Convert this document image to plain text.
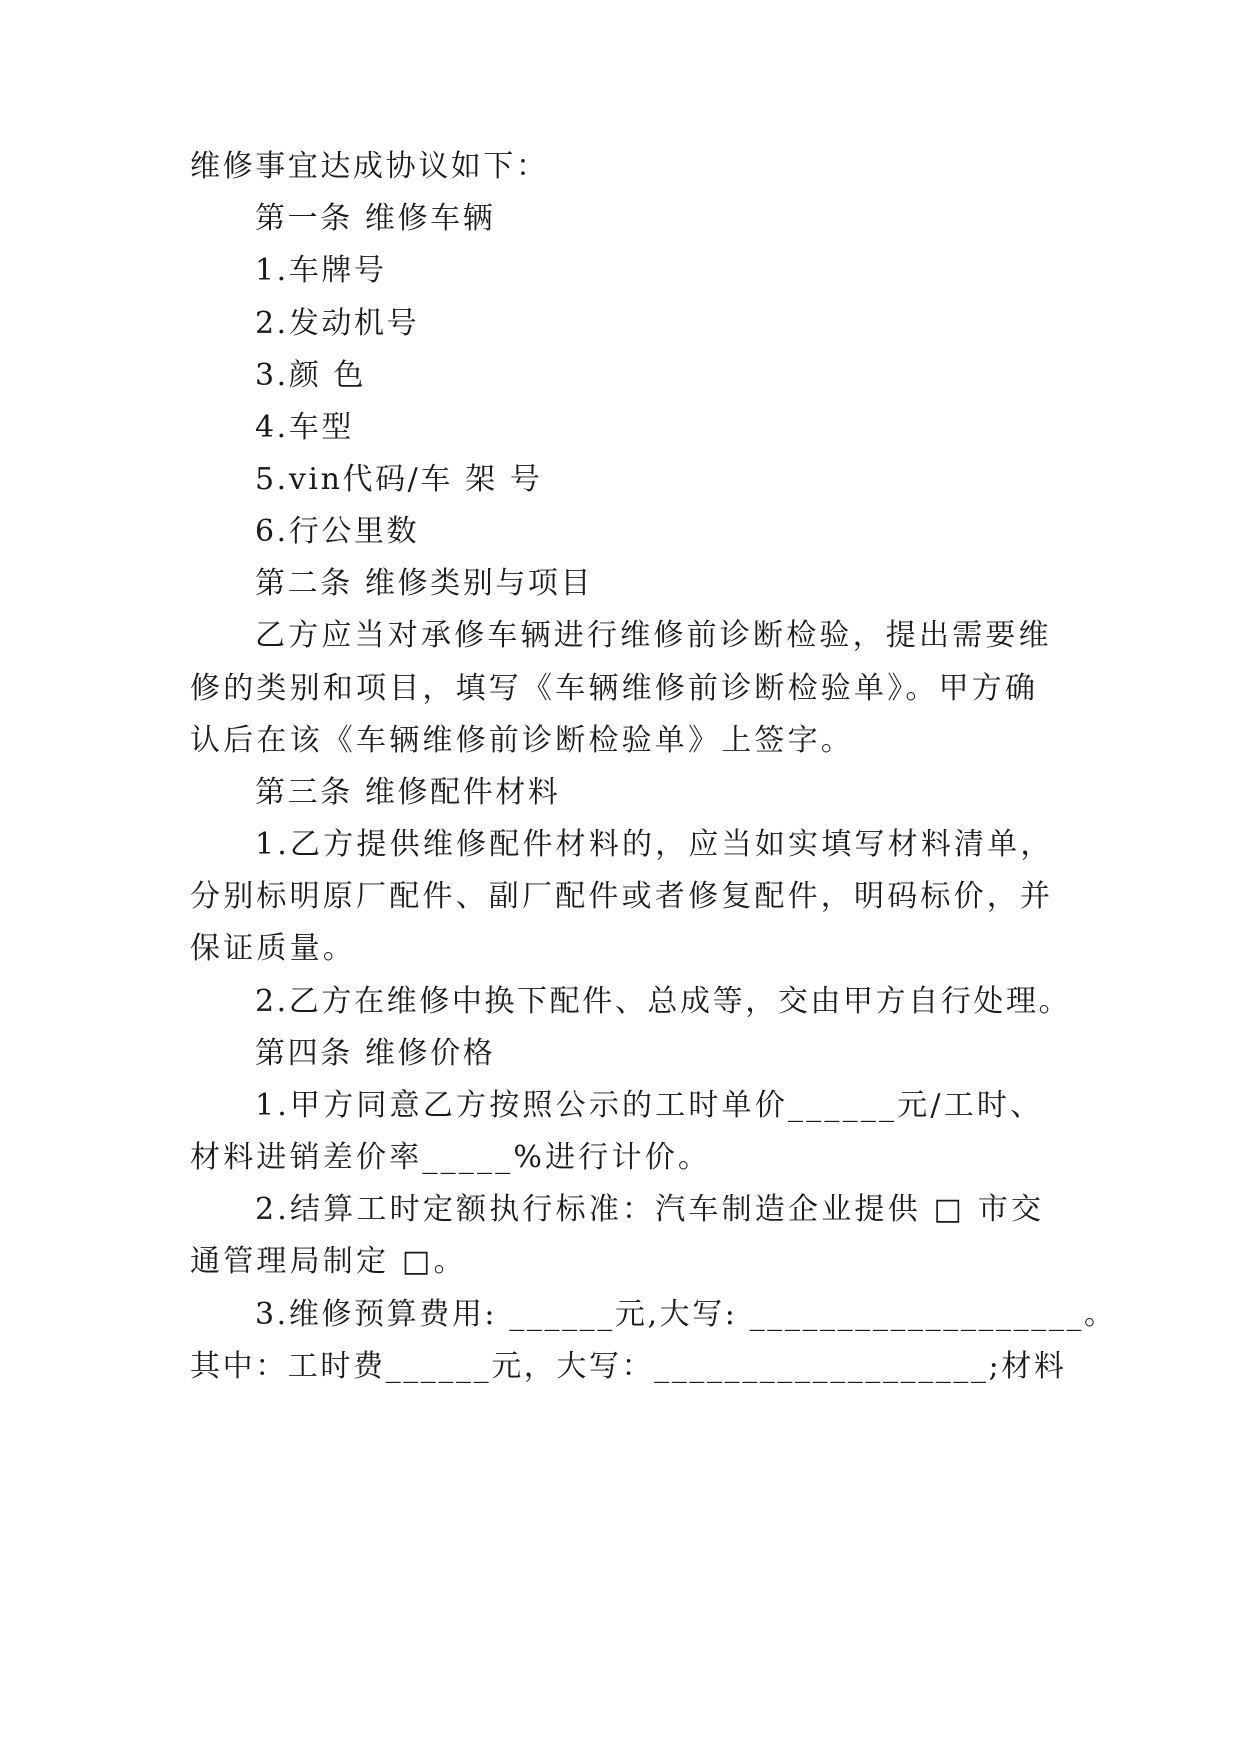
维修事宜达成协议如下：
第一条 维修车辆
1.车牌号
2.发动机号
3.颜 色
4.车型
5.vin代码/车 架 号
6.行公里数
第二条 维修类别与项目
乙方应当对承修车辆进行维修前诊断检验，提出需要维
修的类别和项目，填写《车辆维修前诊断检验单》。甲方确
认后在该《车辆维修前诊断检验单》上签字。
第三条 维修配件材料
1.乙方提供维修配件材料的，应当如实填写材料清单，
分别标明原厂配件、副厂配件或者修复配件，明码标价，并
保证质量。
2.乙方在维修中换下配件、总成等，交由甲方自行处理。
第四条 维修价格
1.甲方同意乙方按照公示的工时单价______元/工时、
材料进销差价率_____%进行计价。
2.结算工时定额执行标准：汽车制造企业提供 □ 市交
通管理局制定 □。
3.维修预算费用: ______元,大写: ___________________。
其中：工时费______元，大写：___________________;材料
